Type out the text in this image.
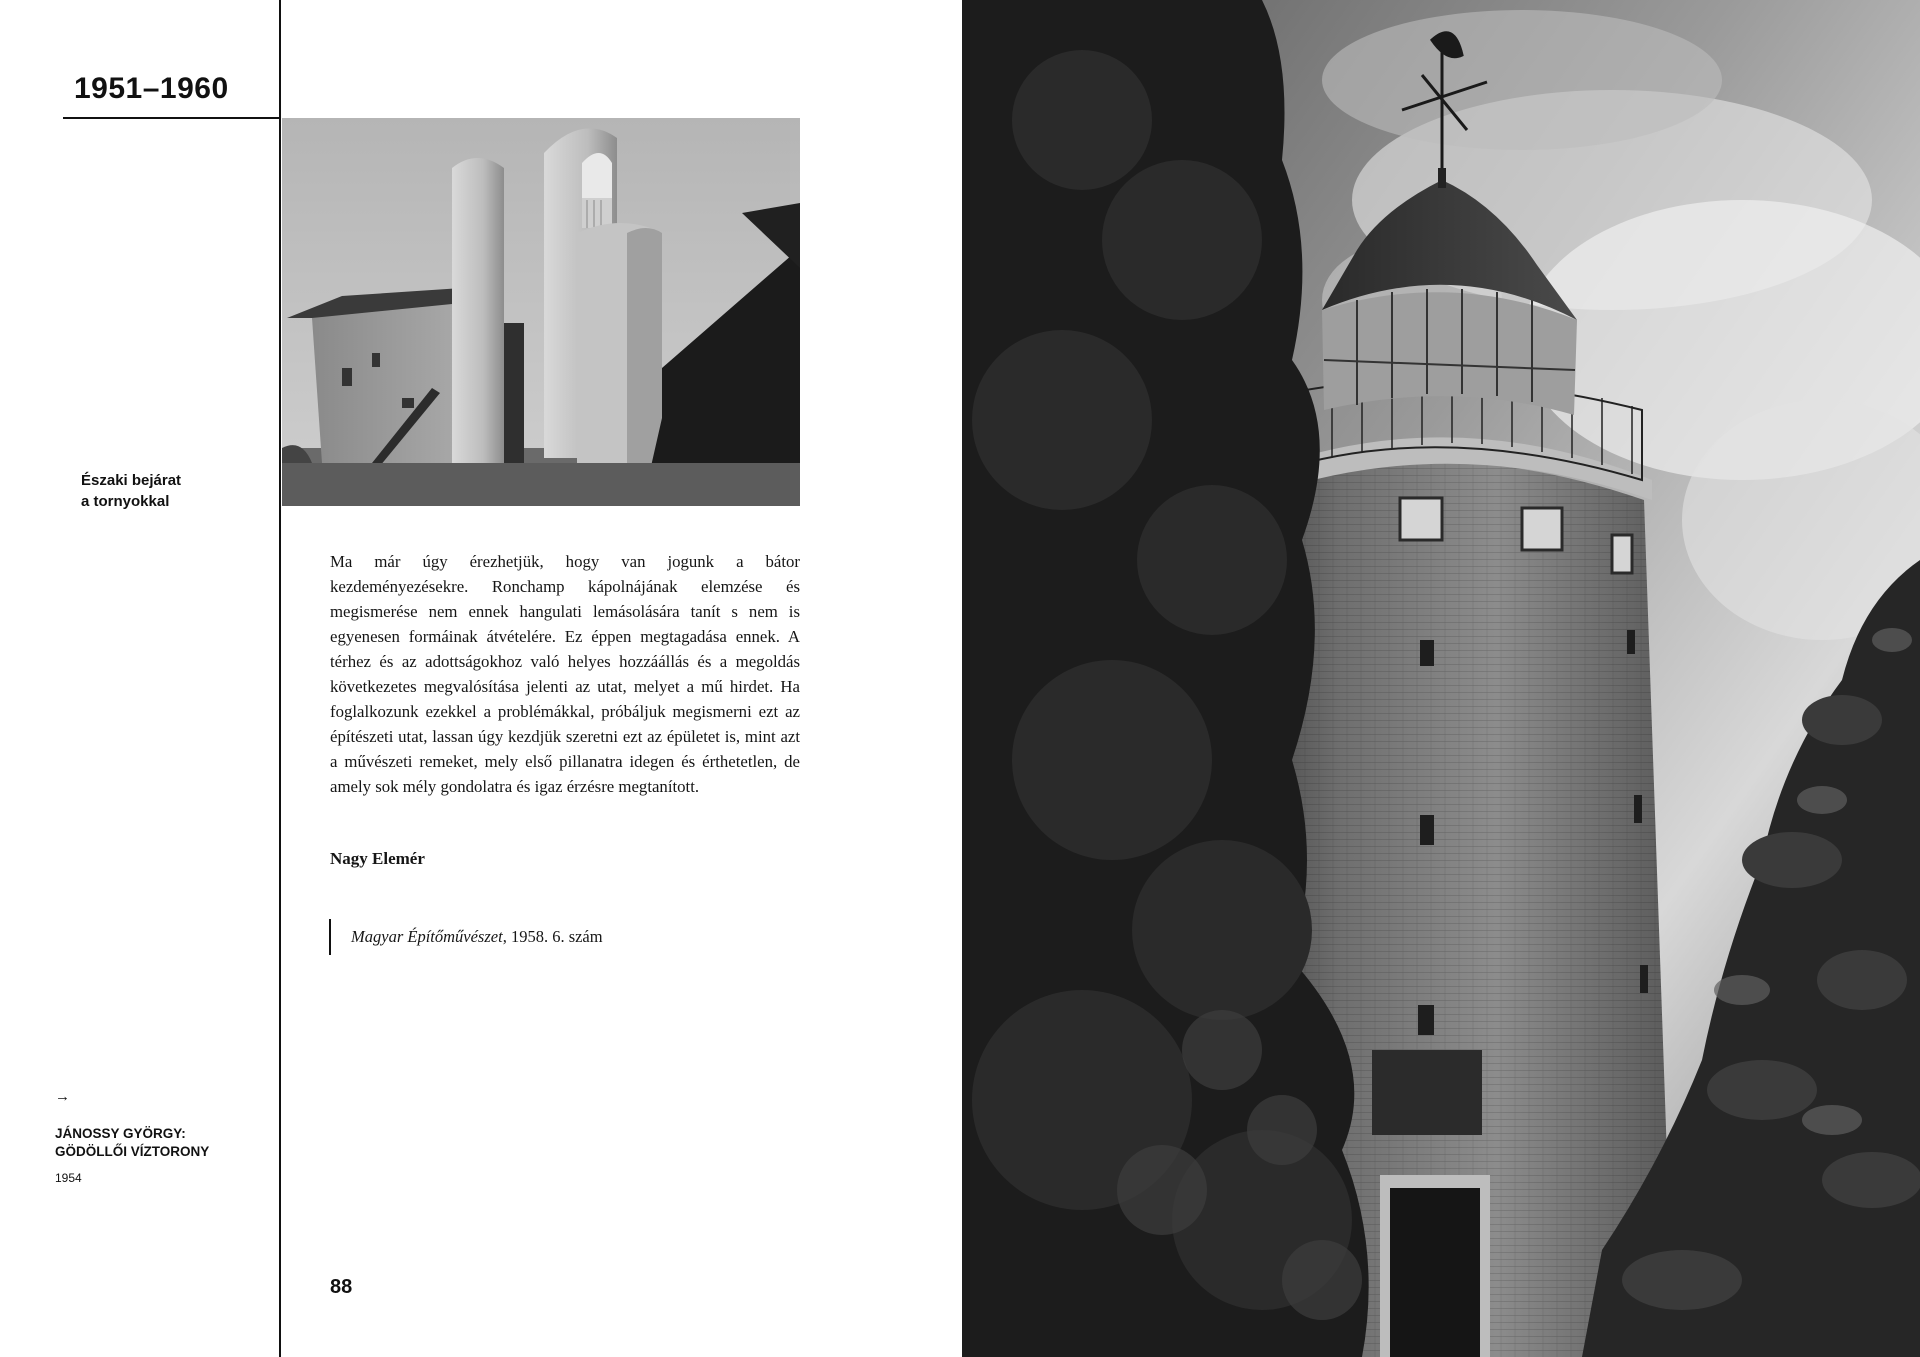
1951–1960
Északi bejárat
a tornyokkal
Ma már úgy érezhetjük, hogy van jogunk a bátor kezdeményezésekre. Ronchamp kápolnájának elemzése és megismerése nem ennek hangulati lemásolására tanít s nem is egyenesen formáinak átvételére. Ez éppen megtagadása ennek. A térhez és az adottságokhoz való helyes hozzáállás és a megoldás következetes megvalósítása jelenti az utat, melyet a mű hirdet. Ha foglalkozunk ezekkel a problémákkal, próbáljuk megismerni ezt az építészeti utat, lassan úgy kezdjük szeretni ezt az épületet is, mint azt a művészeti remeket, mely első pillanatra idegen és érthetetlen, de amely sok mély gondolatra és igaz érzésre megtanított.
Nagy Elemér
Magyar Építőművészet, 1958. 6. szám
→
JÁNOSSY GYÖRGY:
GÖDÖLLŐI VÍZTORONY
1954
88
